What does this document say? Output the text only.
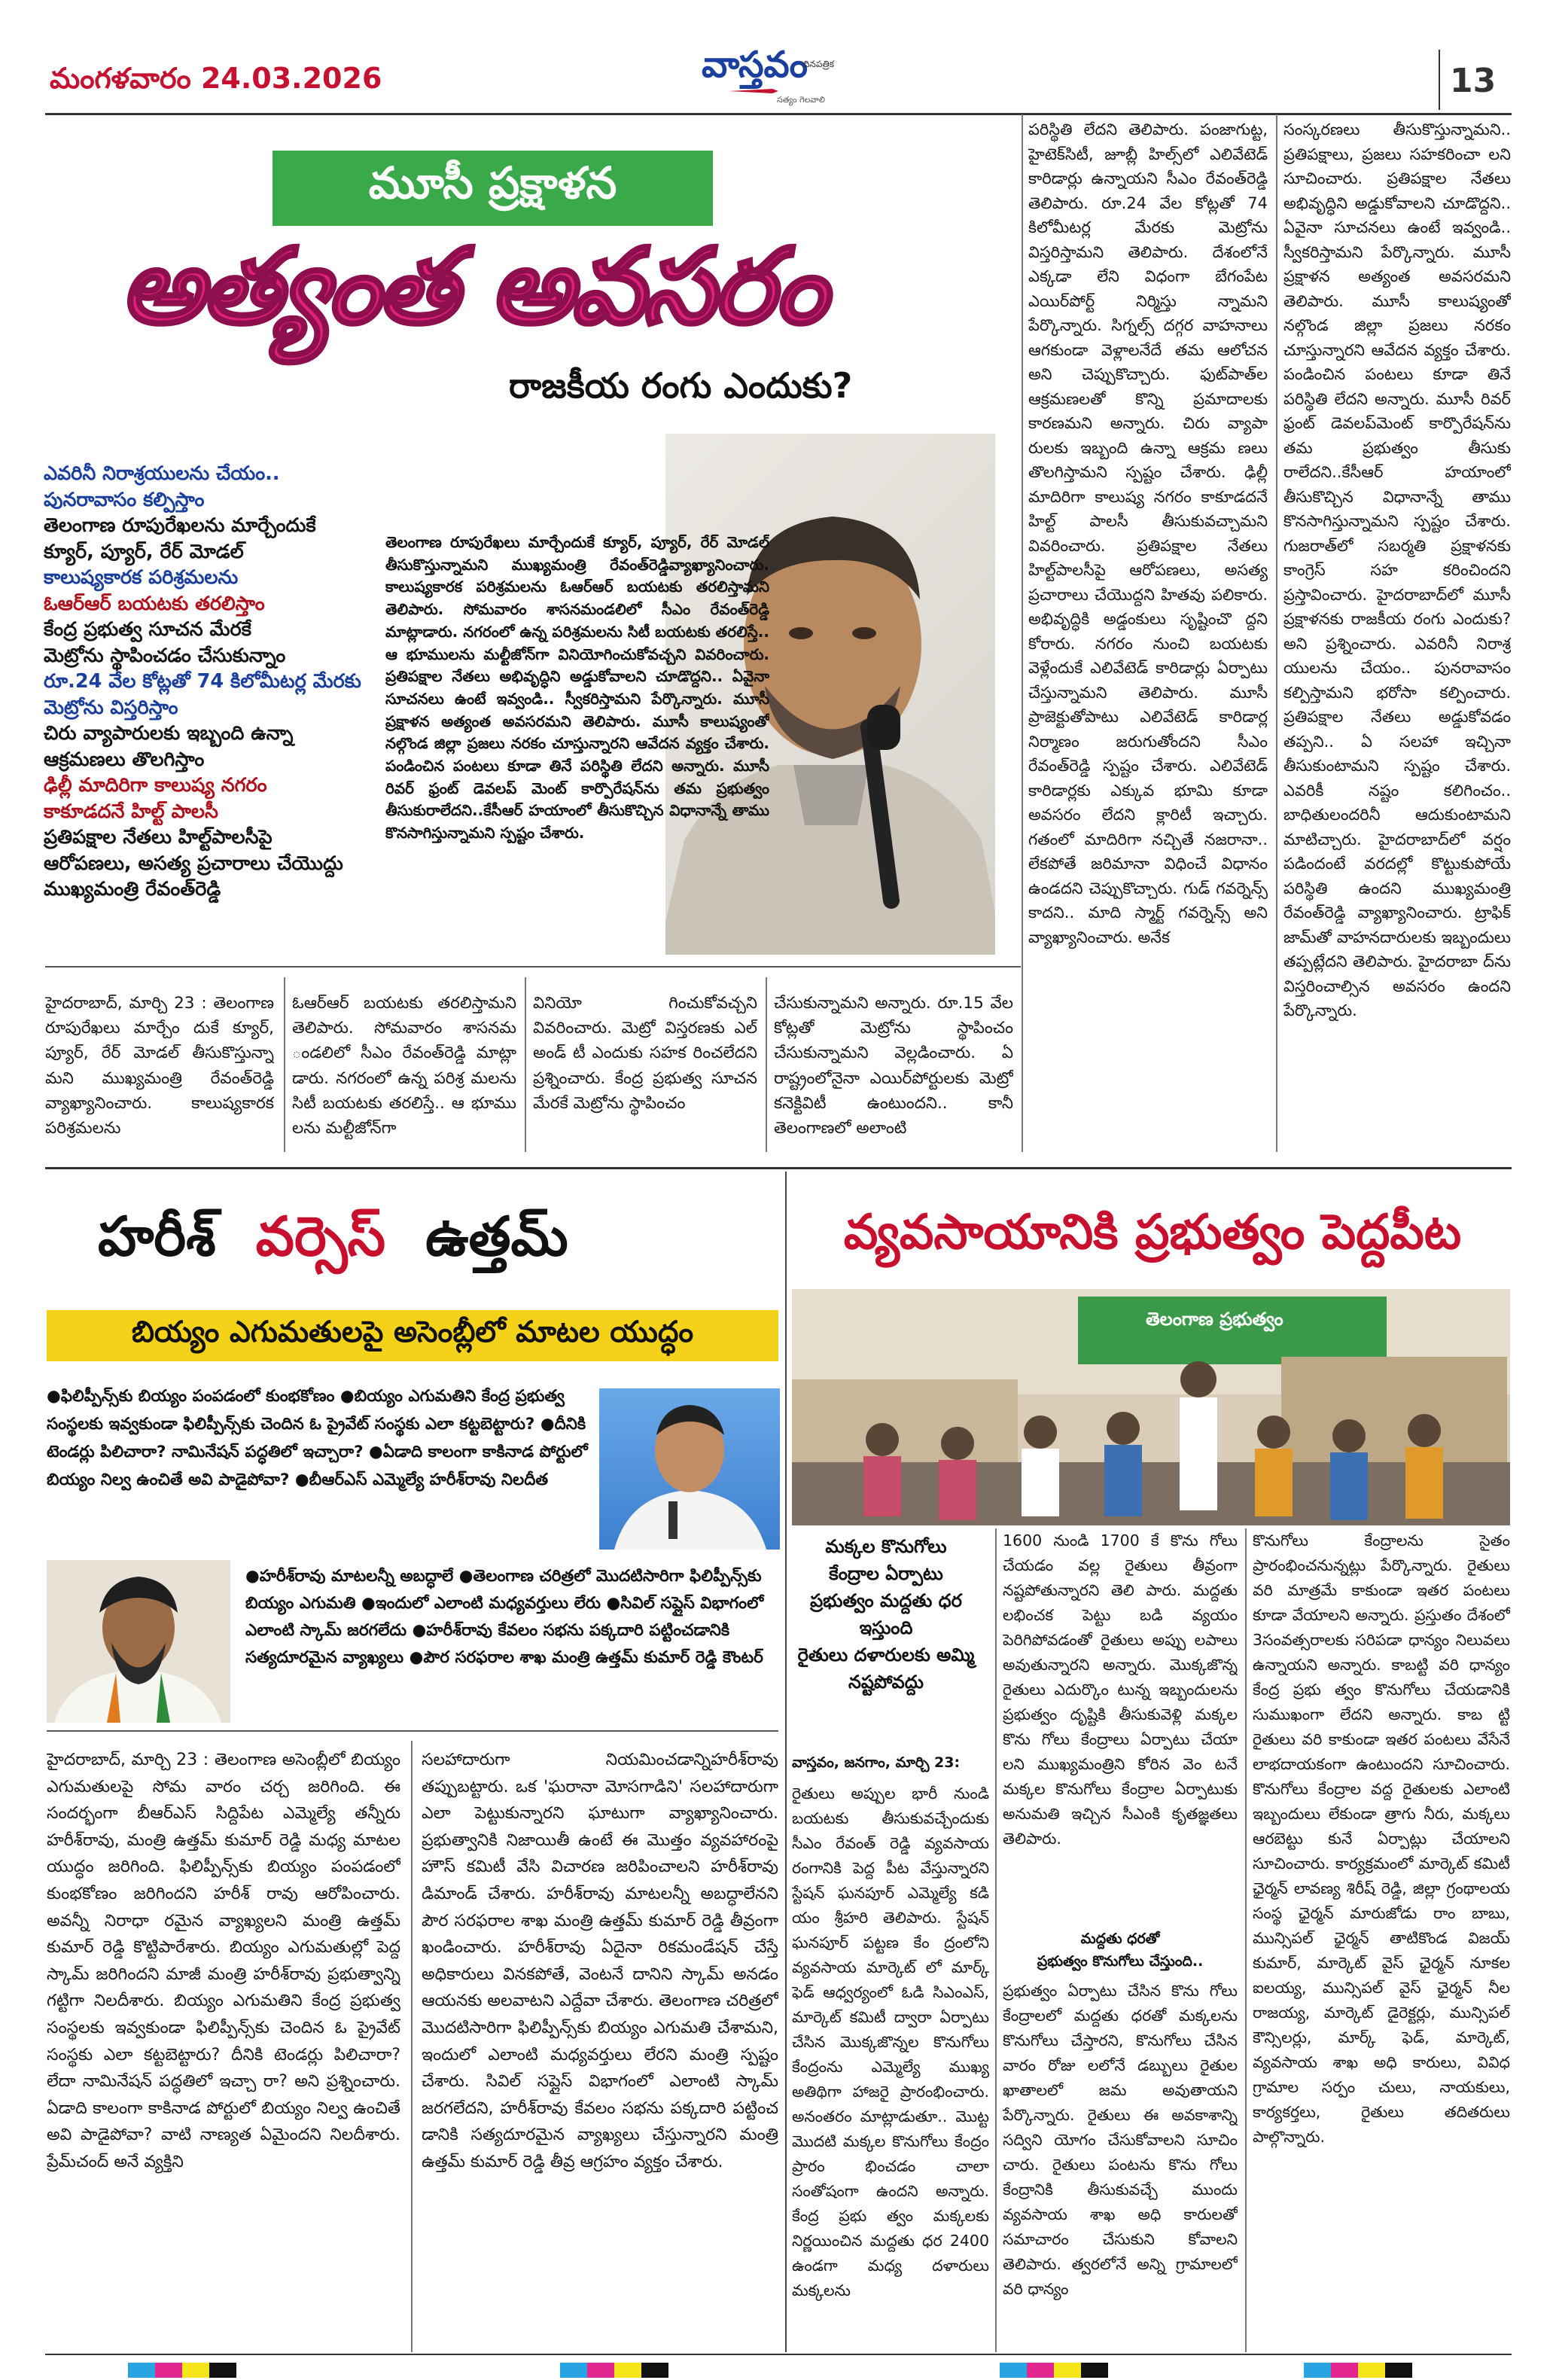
మంగళవారం 24.03.2026	వాస్తవం
దినపత్రిక
సత్యం గెలవాలి	13
మూసీ ప్రక్షాళన
అత్యంత అవసరం
రాజకీయ రంగు ఎందుకు?
ఎవరినీ నిరాశ్రయులను చేయం..
పునరావాసం కల్పిస్తాం
తెలంగాణ రూపురేఖలను మార్చేందుకే
క్యూర్, ప్యూర్, రేర్ మోడల్
కాలుష్యకారక పరిశ్రమలను
ఓఆర్ఆర్ బయటకు తరలిస్తాం
కేంద్ర ప్రభుత్వ సూచన మేరకే
మెట్రోను స్థాపించడం చేసుకున్నాం
రూ.24 వేల కోట్లతో 74 కిలోమీటర్ల మేరకు
మెట్రోను విస్తరిస్తాం
చిరు వ్యాపారులకు ఇబ్బంది ఉన్నా
ఆక్రమణలు తొలగిస్తాం
ఢిల్లీ మాదిరిగా కాలుష్య నగరం
కాకూడదనే హిల్ట్ పాలసీ
ప్రతిపక్షాల నేతలు హిల్ట్‌పాలసీపై
ఆరోపణలు, అసత్య ప్రచారాలు చేయొద్దు
ముఖ్యమంత్రి రేవంత్‌రెడ్డి
తెలంగాణ రూపురేఖలు మార్చేందుకే క్యూర్, ప్యూర్, రేర్ మోడల్ తీసుకొస్తున్నామని ముఖ్యమంత్రి రేవంత్‌రెడ్డివ్యాఖ్యానించారు. కాలుష్యకారక పరిశ్రమలను ఓఆర్ఆర్ బయటకు తరలిస్తామని తెలిపారు. సోమవారం శాసనమండలిలో సీఎం రేవంత్‌రెడ్డి మాట్లాడారు. నగరంలో ఉన్న పరిశ్రమలను సిటీ బయటకు తరలిస్తే.. ఆ భూములను మల్టీజోన్‌గా వినియోగించుకోవచ్చని వివరించారు. ప్రతిపక్షాల నేతలు అభివృద్ధిని అడ్డుకోవాలని చూడొద్దని.. ఏవైనా సూచనలు ఉంటే ఇవ్వండి.. స్వీకరిస్తామని పేర్కొన్నారు. మూసీ ప్రక్షాళన అత్యంత అవసరమని తెలిపారు. మూసీ కాలుష్యంతో నల్గొండ జిల్లా ప్రజలు నరకం చూస్తున్నారని ఆవేదన వ్యక్తం చేశారు. పండించిన పంటలు కూడా తినే పరిస్థితి లేదని అన్నారు. మూసీ రివర్ ఫ్రంట్ డెవలప్ మెంట్ కార్పొరేషన్‌ను తమ ప్రభుత్వం తీసుకురాలేదని..కేసీఆర్ హయాంలో తీసుకొచ్చిన విధానాన్నే తాము కొనసాగిస్తున్నామని స్పష్టం చేశారు.
హైదరాబాద్, మార్చి 23 : తెలంగాణ రూపురేఖలు మార్చేం దుకే క్యూర్, ప్యూర్, రేర్ మోడల్ తీసుకొస్తున్నా మని ముఖ్యమంత్రి రేవంత్‌రెడ్డి వ్యాఖ్యానించారు. కాలుష్యకారక పరిశ్రమలను
ఓఆర్ఆర్ బయటకు తరలిస్తామని తెలిపారు. సోమవారం శాసనమ ండలిలో సీఎం రేవంత్‌రెడ్డి మాట్లా డారు. నగరంలో ఉన్న పరిశ్ర మలను సిటీ బయటకు తరలిస్తే.. ఆ భూము లను మల్టీజోన్‌గా
వినియో గించుకోవచ్చని వివరించారు. మెట్రో విస్తరణకు ఎల్ అండ్ టీ ఎందుకు సహక రించలేదని ప్రశ్నించారు. కేంద్ర ప్రభుత్వ సూచన మేరకే మెట్రోను స్థాపించం
చేసుకున్నామని అన్నారు. రూ.15 వేల కోట్లతో మెట్రోను స్థాపించం చేసుకున్నామని వెల్లడించారు. ఏ రాష్ట్రంలోనైనా ఎయిర్‌పోర్టులకు మెట్రో కనెక్టివిటీ ఉంటుందని.. కానీ తెలంగాణలో అలాంటి
పరిస్థితి లేదని తెలిపారు. పంజాగుట్ట, హైటెక్‌సిటీ, జూబ్లీ హిల్స్‌లో ఎలివేటెడ్ కారిడార్లు ఉన్నాయని సీఎం రేవంత్‌రెడ్డి తెలిపారు. రూ.24 వేల కోట్లతో 74 కిలోమీటర్ల మేరకు మెట్రోను విస్తరిస్తామని తెలిపారు. దేశంలోనే ఎక్కడా లేని విధంగా బేగంపేట ఎయిర్‌పోర్ట్ నిర్మిస్తు న్నామని పేర్కొన్నారు. సిగ్నల్స్ దగ్గర వాహనాలు ఆగకుండా వెళ్లాలనేదే తమ ఆలోచన అని చెప్పుకొచ్చారు. ఫుట్‌పాత్‌ల ఆక్రమణలతో కొన్ని ప్రమాదాలకు కారణమని అన్నారు. చిరు వ్యాపా రులకు ఇబ్బంది ఉన్నా ఆక్రమ ణలు తొలగిస్తామని స్పష్టం చేశారు. ఢిల్లీ మాదిరిగా కాలుష్య నగరం కాకూడదనే హిల్ట్ పాలసీ తీసుకువచ్చామని వివరించారు. ప్రతిపక్షాల నేతలు హిల్ట్‌పాలసీపై ఆరోపణలు, అసత్య ప్రచారాలు చేయొద్దని హితవు పలికారు. అభివృద్ధికి అడ్డంకులు సృష్టించొ ద్దని కోరారు. నగరం నుంచి బయటకు వెళ్లేందుకే ఎలివేటెడ్ కారిడార్లు ఏర్పాటు చేస్తున్నామని తెలిపారు. మూసీ ప్రాజెక్టుతోపాటు ఎలివేటెడ్ కారిడార్ల నిర్మాణం జరుగుతోందని సీఎం రేవంత్‌రెడ్డి స్పష్టం చేశారు. ఎలివేటెడ్ కారిడార్లకు ఎక్కువ భూమి కూడా అవసరం లేదని క్లారిటీ ఇచ్చారు. గతంలో మాదిరిగా నచ్చితే నజరానా.. లేకపోతే జరిమానా విధించే విధానం ఉండదని చెప్పుకొచ్చారు. గుడ్ గవర్నెన్స్ కాదని.. మాది స్మార్ట్ గవర్నెన్స్ అని వ్యాఖ్యానించారు. అనేక
సంస్కరణలు తీసుకొస్తున్నామని.. ప్రతిపక్షాలు, ప్రజలు సహకరించా లని సూచించారు. ప్రతిపక్షాల నేతలు అభివృద్ధిని అడ్డుకోవాలని చూడొద్దని.. ఏవైనా సూచనలు ఉంటే ఇవ్వండి.. స్వీకరిస్తామని పేర్కొన్నారు. మూసీ ప్రక్షాళన అత్యంత అవసరమని తెలిపారు. మూసీ కాలుష్యంతో నల్గొండ జిల్లా ప్రజలు నరకం చూస్తున్నారని ఆవేదన వ్యక్తం చేశారు. పండించిన పంటలు కూడా తినే పరిస్థితి లేదని అన్నారు. మూసీ రివర్ ఫ్రంట్ డెవలప్‌మెంట్ కార్పొరేషన్‌ను తమ ప్రభుత్వం తీసుకు రాలేదని..కేసీఆర్ హయాంలో తీసుకొచ్చిన విధానాన్నే తాము కొనసాగిస్తున్నామని స్పష్టం చేశారు. గుజరాత్‌లో సబర్మతి ప్రక్షాళనకు కాంగ్రెస్ సహ కరించిందని ప్రస్తావించారు. హైదరాబాద్‌లో మూసీ ప్రక్షాళనకు రాజకీయ రంగు ఎందుకు? అని ప్రశ్నించారు. ఎవరినీ నిరాశ్ర యులను చేయం.. పునరావాసం కల్పిస్తామని భరోసా కల్పించారు. ప్రతిపక్షాల నేతలు అడ్డుకోవడం తప్పని.. ఏ సలహా ఇచ్చినా తీసుకుంటామని స్పష్టం చేశారు. ఎవరికీ నష్టం కలిగించం.. బాధితులందరినీ ఆదుకుంటామని మాటిచ్చారు. హైదరాబాద్‌లో వర్షం పడిందంటే వరదల్లో కొట్టుకుపోయే పరిస్థితి ఉందని ముఖ్యమంత్రి రేవంత్‌రెడ్డి వ్యాఖ్యానించారు. ట్రాఫిక్ జామ్‌తో వాహనదారులకు ఇబ్బందులు తప్పట్లేదని తెలిపారు. హైదరాబా ద్‌ను విస్తరించాల్సిన అవసరం ఉందని పేర్కొన్నారు.
హరీశ్ వర్సెస్ ఉత్తమ్
బియ్యం ఎగుమతులపై అసెంబ్లీలో మాటల యుద్ధం
●ఫిలిప్పీన్స్‌కు బియ్యం పంపడంలో కుంభకోణం ●బియ్యం ఎగుమతిని కేంద్ర ప్రభుత్వ సంస్థలకు ఇవ్వకుండా ఫిలిప్పీన్స్‌కు చెందిన ఓ ప్రైవేట్ సంస్థకు ఎలా కట్టబెట్టారు? ●దీనికి టెండర్లు పిలిచారా? నామినేషన్ పద్ధతిలో ఇచ్చారా? ●ఏడాది కాలంగా కాకినాడ పోర్టులో బియ్యం నిల్వ ఉంచితే అవి పాడైపోవా? ●బీఆర్ఎస్ ఎమ్మెల్యే హరీశ్‌రావు నిలదీత
●హరీశ్‌రావు మాటలన్నీ అబద్ధాలే ●తెలంగాణ చరిత్రలో మొదటిసారిగా ఫిలిప్పీన్స్‌కు బియ్యం ఎగుమతి ●ఇందులో ఎలాంటి మధ్యవర్తులు లేరు ●సివిల్ సప్లైస్ విభాగంలో ఎలాంటి స్కామ్ జరగలేదు ●హరీశ్‌రావు కేవలం సభను పక్కదారి పట్టించడానికి సత్యదూరమైన వ్యాఖ్యలు ●పౌర సరఫరాల శాఖ మంత్రి ఉత్తమ్ కుమార్ రెడ్డి కౌంటర్
హైదరాబాద్, మార్చి 23 : తెలంగాణ అసెంబ్లీలో బియ్యం ఎగుమతులపై సోమ వారం చర్చ జరిగింది. ఈ సందర్భంగా బీఆర్ఎస్ సిద్దిపేట ఎమ్మెల్యే తన్నీరు హరీశ్‌రావు, మంత్రి ఉత్తమ్ కుమార్ రెడ్డి మధ్య మాటల యుద్ధం జరిగింది. ఫిలిప్పీన్స్‌కు బియ్యం పంపడంలో కుంభకోణం జరిగిందని హరీశ్ రావు ఆరోపించారు. అవన్నీ నిరాధా రమైన వ్యాఖ్యలని మంత్రి ఉత్తమ్ కుమార్ రెడ్డి కొట్టిపారేశారు. బియ్యం ఎగుమతుల్లో పెద్ద స్కామ్ జరిగిందని మాజీ మంత్రి హరీశ్‌రావు ప్రభుత్వాన్ని గట్టిగా నిలదీశారు. బియ్యం ఎగుమతిని కేంద్ర ప్రభుత్వ సంస్థలకు ఇవ్వకుండా ఫిలిప్పీన్స్‌కు చెందిన ఓ ప్రైవేట్ సంస్థకు ఎలా కట్టబెట్టారు? దీనికి టెండర్లు పిలిచారా? లేదా నామినేషన్ పద్ధతిలో ఇచ్చా రా? అని ప్రశ్నించారు. ఏడాది కాలంగా కాకినాడ పోర్టులో బియ్యం నిల్వ ఉంచితే అవి పాడైపోవా? వాటి నాణ్యత ఏమైందని నిలదీశారు. ప్రేమ్‌చంద్ అనే వ్యక్తిని
సలహాదారుగా నియమించడాన్నిహరీశ్‌రావు తప్పుబట్టారు. ఒక 'ఘరానా మోసగాడిని' సలహాదారుగా ఎలా పెట్టుకున్నారని ఘాటుగా వ్యాఖ్యానించారు. ప్రభుత్వానికి నిజాయితీ ఉంటే ఈ మొత్తం వ్యవహారంపై హౌస్ కమిటీ వేసి విచారణ జరిపించాలని హరీశ్‌రావు డిమాండ్ చేశారు. హరీశ్‌రావు మాటలన్నీ అబద్ధాలేనని పౌర సరఫరాల శాఖ మంత్రి ఉత్తమ్ కుమార్ రెడ్డి తీవ్రంగా ఖండించారు. హరీశ్‌రావు ఏదైనా రికమండేషన్ చేస్తే అధికారులు వినకపోతే, వెంటనే దానిని స్కామ్ అనడం ఆయనకు అలవాటని ఎద్దేవా చేశారు. తెలంగాణ చరిత్రలో మొదటిసారిగా ఫిలిప్పీన్స్‌కు బియ్యం ఎగుమతి చేశామని, ఇందులో ఎలాంటి మధ్యవర్తులు లేరని మంత్రి స్పష్టం చేశారు. సివిల్ సప్లైస్ విభాగంలో ఎలాంటి స్కామ్ జరగలేదని, హరీశ్‌రావు కేవలం సభను పక్కదారి పట్టించ డానికి సత్యదూరమైన వ్యాఖ్యలు చేస్తున్నారని మంత్రి ఉత్తమ్ కుమార్ రెడ్డి తీవ్ర ఆగ్రహం వ్యక్తం చేశారు.
వ్యవసాయానికి ప్రభుత్వం పెద్దపీట
తెలంగాణ ప్రభుత్వం
మక్కల కొనుగోలు
కేంద్రాల ఏర్పాటు
ప్రభుత్వం మద్దతు ధర
ఇస్తుంది
రైతులు దళారులకు అమ్మి
నష్టపోవద్దు
వాస్తవం, జనగాం, మార్చి 23:
రైతులు అప్పుల భారీ నుండి బయటకు తీసుకువచ్చేందుకు సీఎం రేవంత్ రెడ్డి వ్యవసాయ రంగానికి పెద్ద పీట వేస్తున్నారని స్టేషన్ ఘనపూర్ ఎమ్మెల్యే కడి యం శ్రీహరి తెలిపారు. స్టేషన్ ఘనపూర్ పట్టణ కేం ద్రంలోని వ్యవసాయ మార్కెట్ లో మార్క్ ఫెడ్ ఆధ్వర్యంలో ఓడి సిఎంఎస్, మార్కెట్ కమిటీ ద్వారా ఏర్పాటు చేసిన మొక్కజొన్నల కొనుగోలు కేంద్రంను ఎమ్మెల్యే ముఖ్య అతిథిగా హాజరై ప్రారంభించారు. అనంతరం మాట్లాడుతూ.. మొట్ట మొదటి మక్కల కొనుగోలు కేంద్రం ప్రారం భించడం చాలా సంతోషంగా ఉందని అన్నారు. కేంద్ర ప్రభు త్వం మక్కలకు నిర్ణయించిన మద్దతు ధర 2400 ఉండగా మధ్య దళారులు మక్కలను
1600 నుండి 1700 కే కొను గోలు చేయడం వల్ల రైతులు తీవ్రంగా నష్టపోతున్నారని తెలి పారు. మద్దతు లభించక పెట్టు బడి వ్యయం పెరిగిపోవడంతో రైతులు అప్పు లపాలు అవుతున్నారని అన్నారు. మొక్కజొన్న రైతులు ఎదుర్కొం టున్న ఇబ్బందులను ప్రభుత్వం దృష్టికి తీసుకువెళ్లి మక్కల కొను గోలు కేంద్రాలు ఏర్పాటు చేయా లని ముఖ్యమంత్రిని కోరిన వెం టనే మక్కల కొనుగోలు కేంద్రాల ఏర్పాటుకు అనుమతి ఇచ్చిన సీఎంకి కృతజ్ఞతలు తెలిపారు.
మద్దతు ధరతో
ప్రభుత్వం కొనుగోలు చేస్తుంది..
ప్రభుత్వం ఏర్పాటు చేసిన కొను గోలు కేంద్రాలలో మద్దతు ధరతో మక్కలను కొనుగోలు చేస్తారని, కొనుగోలు చేసిన వారం రోజు లలోనే డబ్బులు రైతుల ఖాతాలలో జమ అవుతాయని పేర్కొన్నారు. రైతులు ఈ అవకాశాన్ని సద్విని యోగం చేసుకోవాలని సూచిం చారు. రైతులు పంటను కొను గోలు కేంద్రానికి తీసుకువచ్చే ముందు వ్యవసాయ శాఖ అధి కారులతో సమాచారం చేసుకుని కోవాలని తెలిపారు. త్వరలోనే అన్ని గ్రామాలలో వరి ధాన్యం
కొనుగోలు కేంద్రాలను సైతం ప్రారంభించనున్నట్లు పేర్కొన్నారు. రైతులు వరి మాత్రమే కాకుండా ఇతర పంటలు కూడా వేయాలని అన్నారు. ప్రస్తుతం దేశంలో 3సంవత్సరాలకు సరిపడా ధాన్యం నిలువలు ఉన్నాయని అన్నారు. కాబట్టి వరి ధాన్యం కేంద్ర ప్రభు త్వం కొనుగోలు చేయడానికి సుముఖంగా లేదని అన్నారు. కాబ ట్టి రైతులు వరి కాకుండా ఇతర పంటలు వేసేనే లాభదాయకంగా ఉంటుందని సూచించారు. కొనుగోలు కేంద్రాల వద్ద రైతులకు ఎలాంటి ఇబ్బందులు లేకుండా త్రాగు నీరు, మక్కలు ఆరబెట్టు కునే ఏర్పాట్లు చేయాలని సూచించారు. కార్యక్రమంలో మార్కెట్ కమిటీ ఛైర్మన్ లావణ్య శిరీష్ రెడ్డి, జిల్లా గ్రంథాలయ సంస్థ ఛైర్మన్ మారుజోడు రాం బాబు, మున్సిపల్ ఛైర్మన్ తాటికొండ విజయ్ కుమార్, మార్కెట్ వైస్ ఛైర్మన్ నూకల ఐలయ్య, మున్సిపల్ వైస్ ఛైర్మన్ నీల రాజయ్య, మార్కెట్ డైరెక్టర్లు, మున్సిపల్ కౌన్సిలర్లు, మార్క్ ఫెడ్, మార్కెట్, వ్యవసాయ శాఖ అధి కారులు, వివిధ గ్రామాల సర్పం చులు, నాయకులు, కార్యకర్తలు, రైతులు తదితరులు పాల్గొన్నారు.
